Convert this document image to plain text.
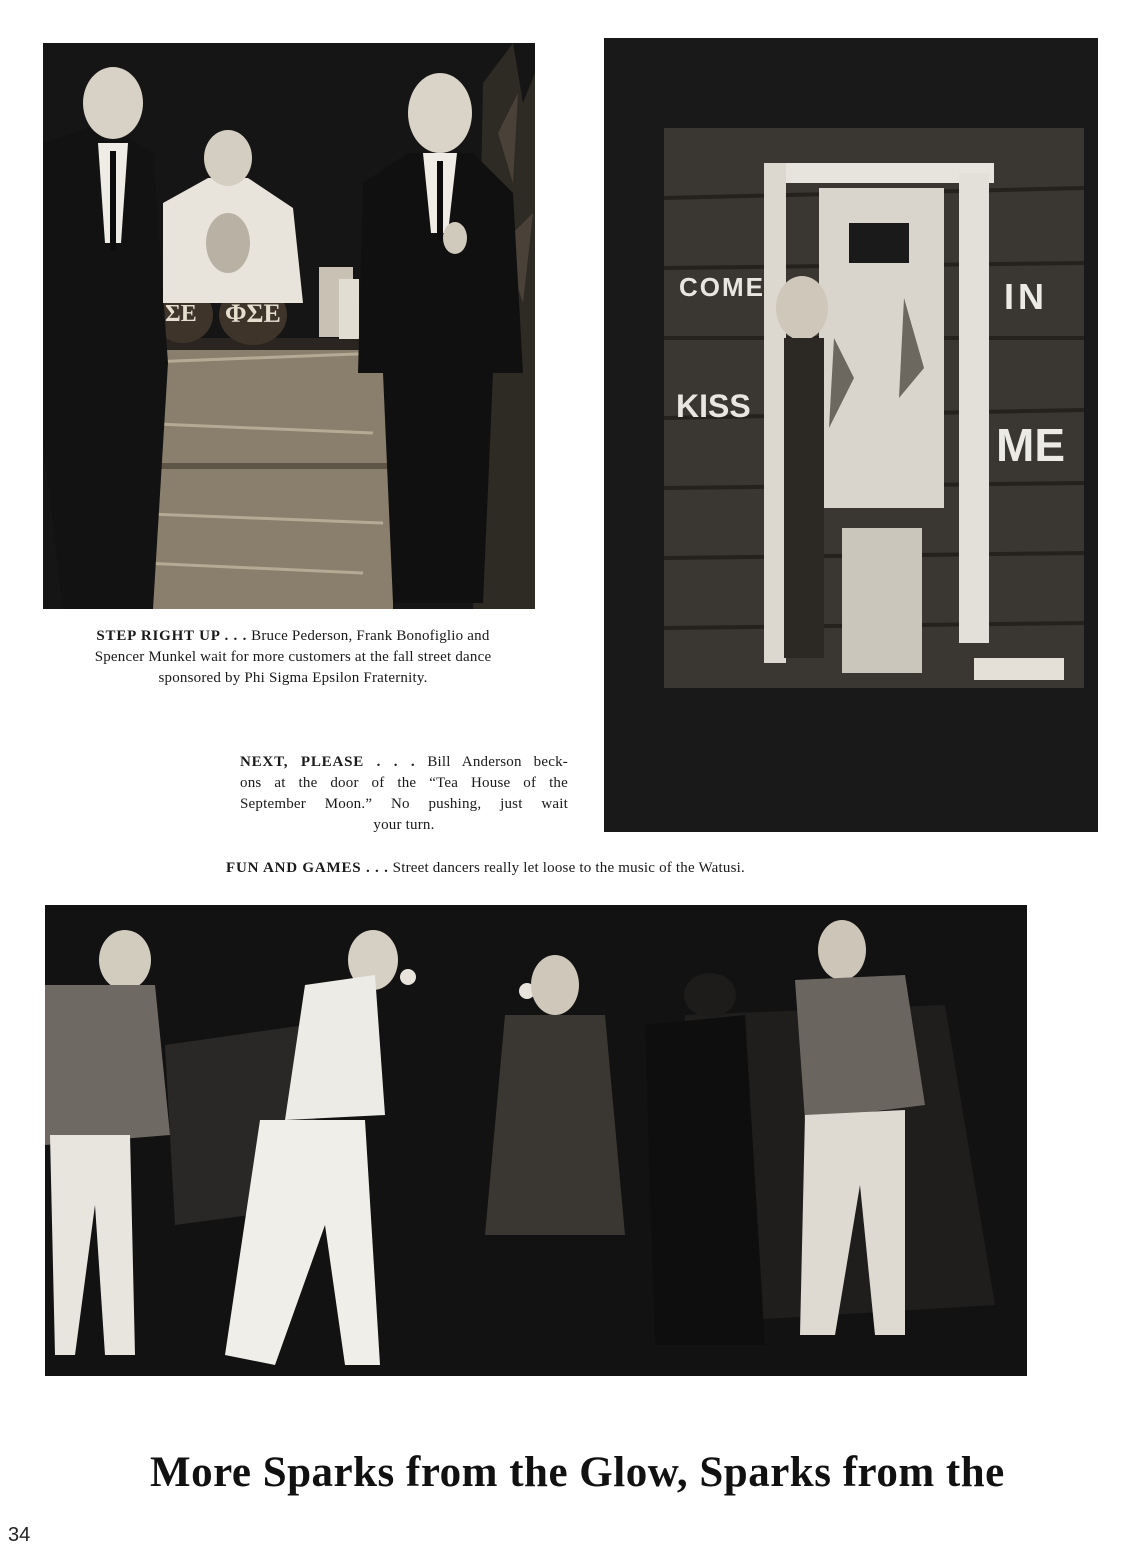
ΣΕ ΦΣΕ
COME	IN
KISS
ME
STEP RIGHT UP . . . Bruce Pederson, Frank Bonofiglio and
Spencer Munkel wait for more customers at the fall street dance
sponsored by Phi Sigma Epsilon Fraternity.
NEXT, PLEASE . . . Bill Anderson beck-
ons at the door of the “Tea House of the
September Moon.” No pushing, just wait
your turn.
FUN AND GAMES . . . Street dancers really let loose to the music of the Watusi.
More Sparks from the Glow, Sparks from the
34
